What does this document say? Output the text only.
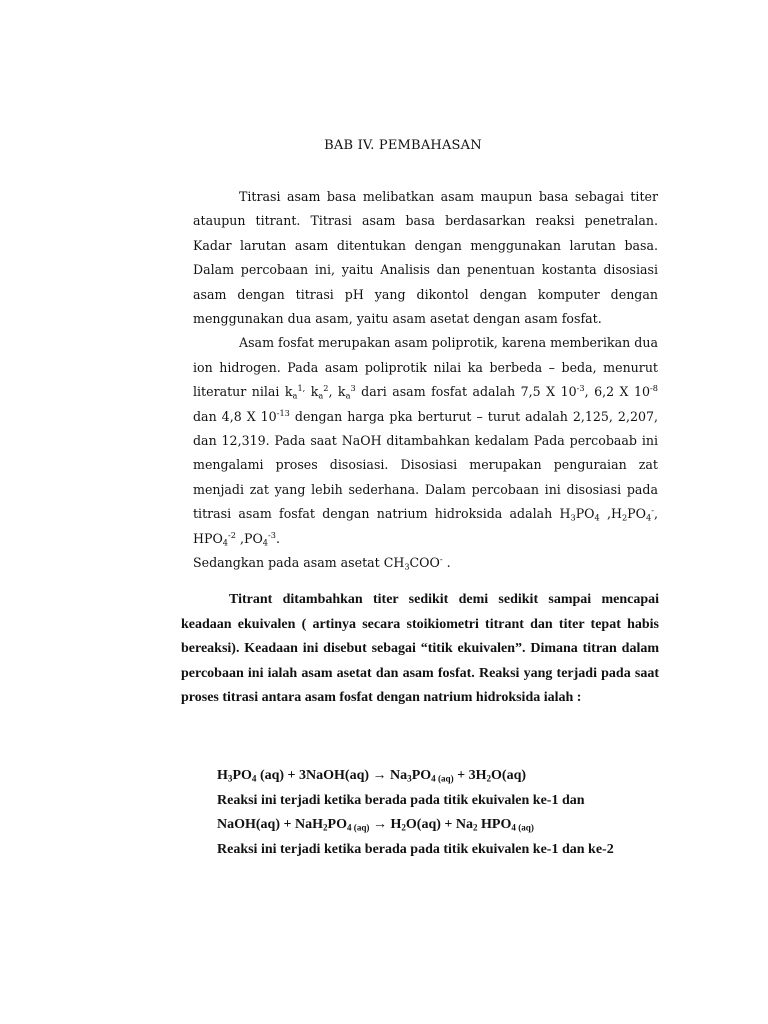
BAB IV. PEMBAHASAN

Titrasi asam basa melibatkan asam maupun basa sebagai titer ataupun titrant. Titrasi asam basa berdasarkan reaksi penetralan. Kadar larutan asam ditentukan dengan menggunakan larutan basa. Dalam percobaan ini, yaitu Analisis dan penentuan kostanta disosiasi asam dengan titrasi pH yang dikontol dengan komputer dengan menggunakan dua asam, yaitu asam asetat dengan asam fosfat.

Asam fosfat merupakan asam poliprotik, karena memberikan dua ion hidrogen. Pada asam poliprotik nilai ka berbeda – beda, menurut literatur nilai $k_a^{1,}$ $k_a^2$, $k_a^3$ dari asam fosfat adalah 7,5 X $10^{-3}$, 6,2 X $10^{-8}$ dan 4,8 X $10^{-13}$ dengan harga pka berturut – turut adalah 2,125, 2,207, dan 12,319. Pada saat NaOH ditambahkan kedalam Pada percobaab ini mengalami proses disosiasi. Disosiasi merupakan penguraian zat menjadi zat yang lebih sederhana. Dalam percobaan ini disosiasi pada titrasi asam fosfat dengan natrium hidroksida adalah $H_3PO_4$ $,H_2PO_4^-$, $HPO_4^{-2}$ $,PO_4^{-3}$.
Sedangkan pada asam asetat $CH_3COO^-$ .

Titrant ditambahkan titer sedikit demi sedikit sampai mencapai keadaan ekuivalen ( artinya secara stoikiometri titrant dan titer tepat habis bereaksi). Keadaan ini disebut sebagai “titik ekuivalen”. Dimana titran dalam percobaan ini ialah asam asetat dan asam fosfat. Reaksi yang terjadi pada saat proses titrasi antara asam fosfat dengan natrium hidroksida ialah :

$H_3PO_4$ (aq) + 3NaOH(aq) → $Na_3PO_{4 (aq)} + 3H_2O(aq)$
Reaksi ini terjadi ketika berada pada titik ekuivalen ke-1 dan
NaOH(aq) + $NaH_2PO_{4 (aq)} \to H_2O(aq) + Na_2$ $HPO_{4 (aq)}$
Reaksi ini terjadi ketika berada pada titik ekuivalen ke-1 dan ke-2
